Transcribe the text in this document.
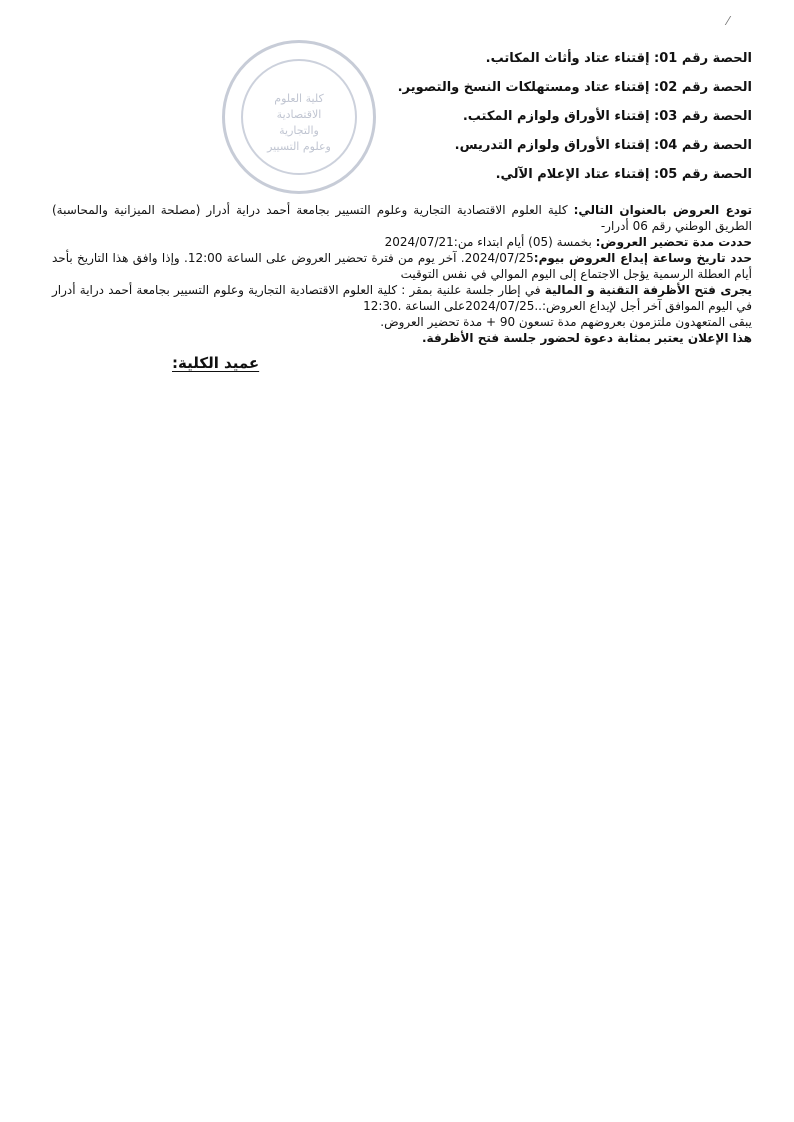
⁄
كلية العلوم
الاقتصادية والتجارية
وعلوم التسيير
الحصة رقم 01: إقتناء عتاد وأثاث المكاتب.
الحصة رقم 02: إقتناء عتاد ومستهلكات النسخ والتصوير.
الحصة رقم 03: إقتناء الأوراق ولوازم المكتب.
الحصة رقم 04: إقتناء الأوراق ولوازم التدريس.
الحصة رقم 05: إقتناء عتاد الإعلام الآلي.

تودع العروض بالعنوان التالي: كلية العلوم الاقتصادية التجارية وعلوم التسيير بجامعة أحمد دراية أدرار (مصلحة الميزانية والمحاسبة) الطريق الوطني رقم 06 أدرار-

حددت مدة تحضير العروض: بخمسة (05) أيام ابتداء من:2024/07/21

حدد تاريخ وساعة إيداع العروض بيوم:2024/07/25. آخر يوم من فترة تحضير العروض على الساعة 12:00. وإذا وافق هذا التاريخ بأحد أيام العطلة الرسمية يؤجل الاجتماع إلى اليوم الموالي في نفس التوقيت

يجرى فتح الأظرفة التقنية و المالية في إطار جلسة علنية بمقر : كلية العلوم الاقتصادية التجارية وعلوم التسيير بجامعة أحمد دراية أدرار في اليوم الموافق آخر أجل لإيداع العروض:..2024/07/25على الساعة 12:30.

يبقى المتعهدون ملتزمون بعروضهم مدة تسعون 90 + مدة تحضير العروض.

هذا الإعلان يعتبر بمثابة دعوة لحضور جلسة فتح الأظرفة.

عميد الكلية:
